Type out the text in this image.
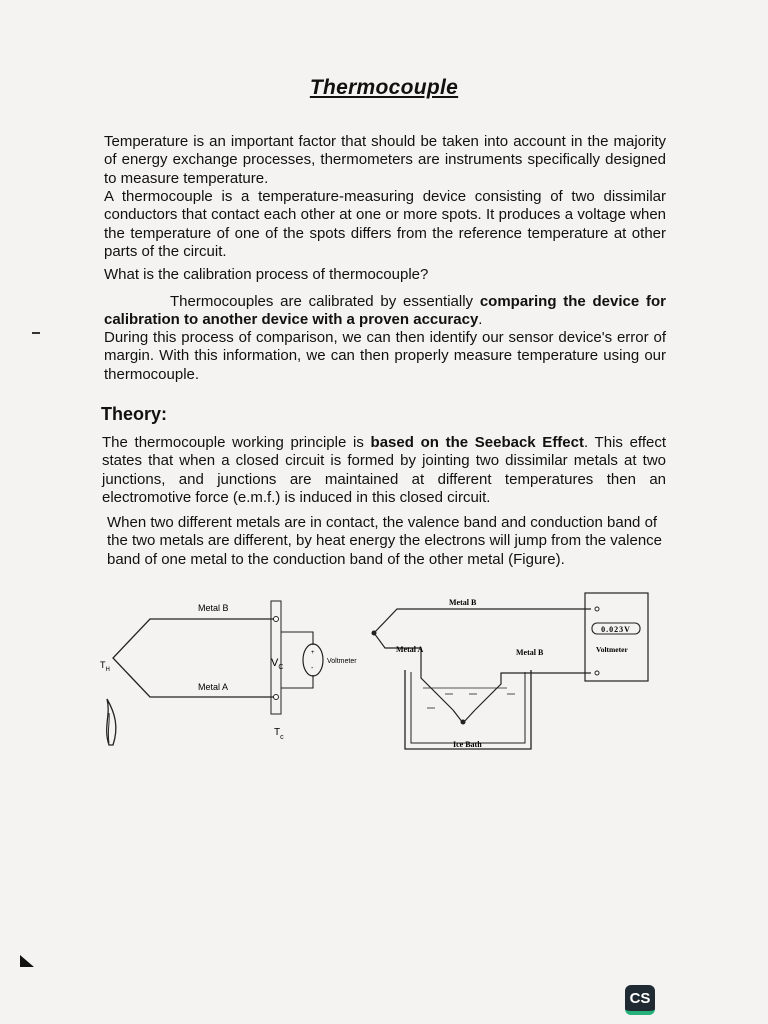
Thermocouple

Temperature is an important factor that should be taken into account in the majority of energy exchange processes, thermometers are instruments specifically designed to measure temperature.

A thermocouple is a temperature-measuring device consisting of two dissimilar conductors that contact each other at one or more spots. It produces a voltage when the temperature of one of the spots differs from the reference temperature at other parts of the circuit.

What is the calibration process of thermocouple?

Thermocouples are calibrated by essentially comparing the device for calibration to another device with a proven accuracy.

During this process of comparison, we can then identify our sensor device's error of margin. With this information, we can then properly measure temperature using our thermocouple.

Theory:

The thermocouple working principle is based on the Seeback Effect. This effect states that when a closed circuit is formed by jointing two dissimilar metals at two junctions, and junctions are maintained at different temperatures then an electromotive force (e.m.f.) is induced in this closed circuit.

When two different metals are in contact, the valence band and conduction band of the two metals are different, by heat energy the electrons will jump from the valence band of one metal to the conduction band of the other metal (Figure).

+
-
Voltmeter
Metal B
Metal A
$T_H$
$V_C$
$T_c$
Metal B
Metal A	Metal B
Ice Bath
0.023V
Voltmeter
CS
